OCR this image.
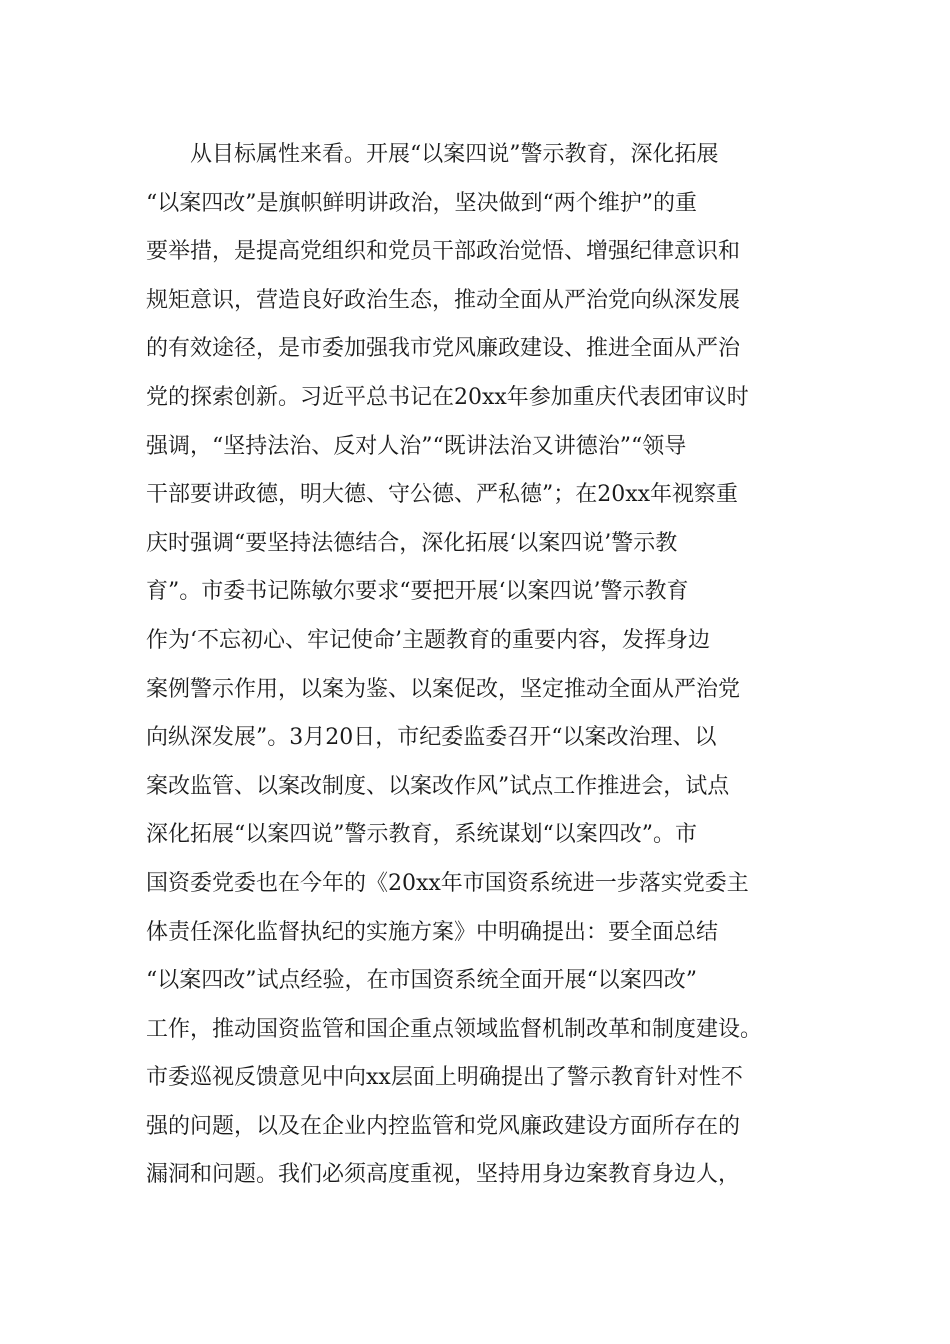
从目标属性来看。开展“以案四说”警示教育，深化拓展
“以案四改”是旗帜鲜明讲政治，坚决做到“两个维护”的重
要举措，是提高党组织和党员干部政治觉悟、增强纪律意识和
规矩意识，营造良好政治生态，推动全面从严治党向纵深发展
的有效途径，是市委加强我市党风廉政建设、推进全面从严治
党的探索创新。习近平总书记在20xx年参加重庆代表团审议时
强调，“坚持法治、反对人治”“既讲法治又讲德治”“领导
干部要讲政德，明大德、守公德、严私德”；在20xx年视察重
庆时强调“要坚持法德结合，深化拓展‘以案四说’警示教
育”。市委书记陈敏尔要求“要把开展‘以案四说’警示教育
作为‘不忘初心、牢记使命’主题教育的重要内容，发挥身边
案例警示作用，以案为鉴、以案促改，坚定推动全面从严治党
向纵深发展”。3月20日，市纪委监委召开“以案改治理、以
案改监管、以案改制度、以案改作风”试点工作推进会，试点
深化拓展“以案四说”警示教育，系统谋划“以案四改”。市
国资委党委也在今年的《20xx年市国资系统进一步落实党委主
体责任深化监督执纪的实施方案》中明确提出：要全面总结
“以案四改”试点经验，在市国资系统全面开展“以案四改”
工作，推动国资监管和国企重点领域监督机制改革和制度建设。
市委巡视反馈意见中向xx层面上明确提出了警示教育针对性不
强的问题，以及在企业内控监管和党风廉政建设方面所存在的
漏洞和问题。我们必须高度重视，坚持用身边案教育身边人，
